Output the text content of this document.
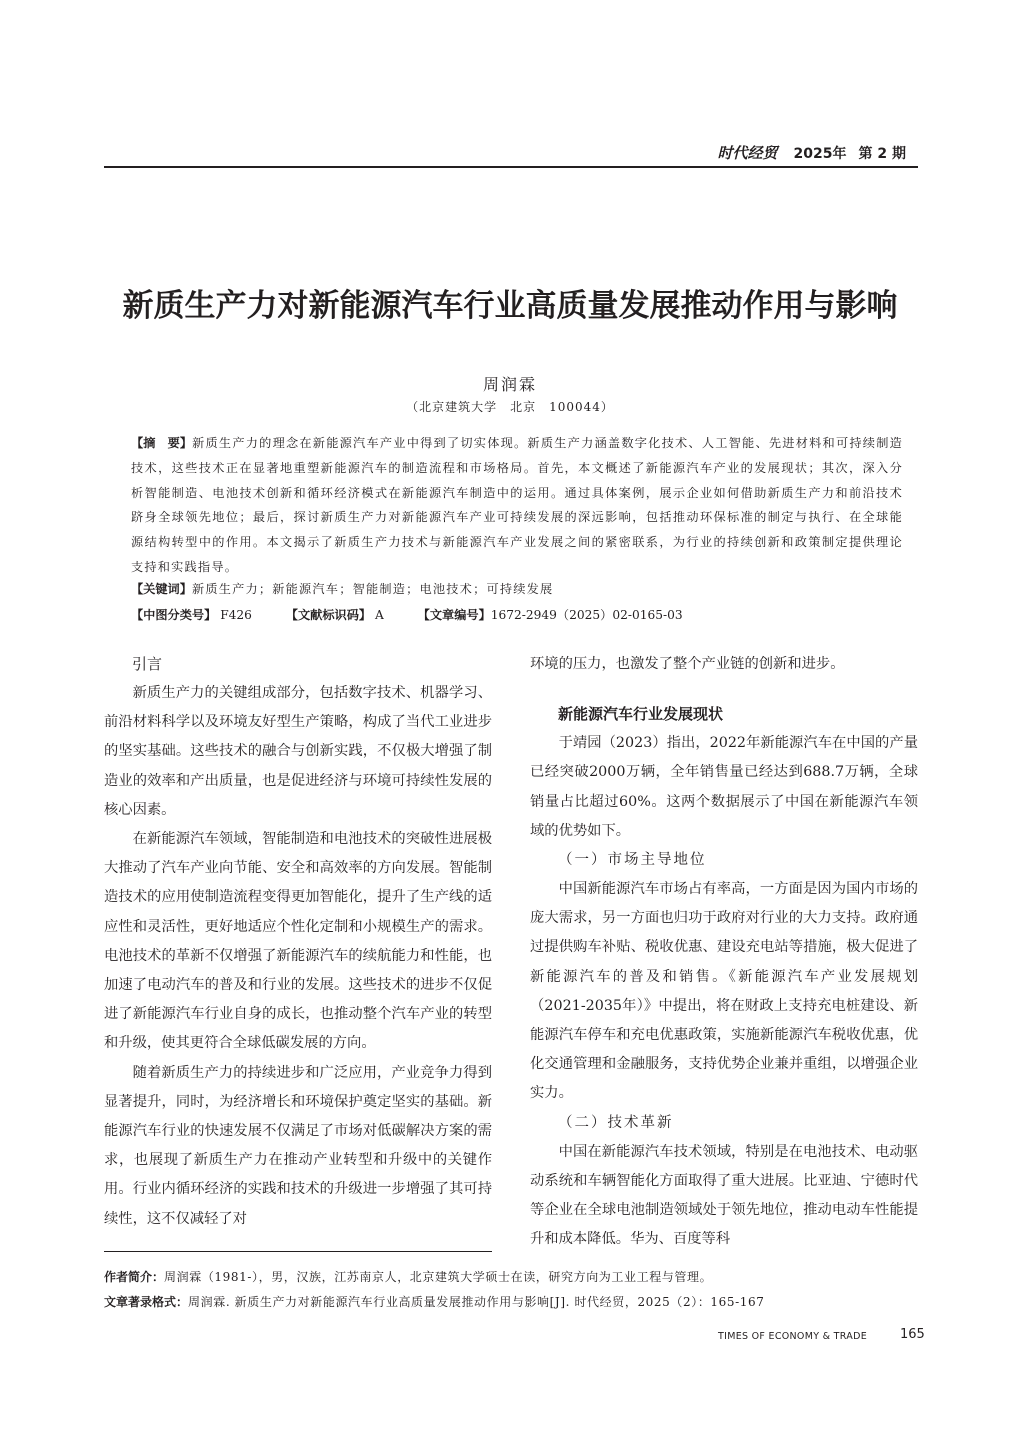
时代经贸 2025年 第 2 期
新质生产力对新能源汽车行业高质量发展推动作用与影响
周润霖
（北京建筑大学　北京　100044）
【摘　要】新质生产力的理念在新能源汽车产业中得到了切实体现。新质生产力涵盖数字化技术、人工智能、先进材料和可持续制造技术，这些技术正在显著地重塑新能源汽车的制造流程和市场格局。首先，本文概述了新能源汽车产业的发展现状；其次，深入分析智能制造、电池技术创新和循环经济模式在新能源汽车制造中的运用。通过具体案例，展示企业如何借助新质生产力和前沿技术跻身全球领先地位；最后，探讨新质生产力对新能源汽车产业可持续发展的深远影响，包括推动环保标准的制定与执行、在全球能源结构转型中的作用。本文揭示了新质生产力技术与新能源汽车产业发展之间的紧密联系，为行业的持续创新和政策制定提供理论支持和实践指导。
【关键词】新质生产力；新能源汽车；智能制造；电池技术；可持续发展
【中图分类号】 F426	【文献标识码】 A	【文章编号】1672-2949（2025）02-0165-03
引言

新质生产力的关键组成部分，包括数字技术、机器学习、前沿材料科学以及环境友好型生产策略，构成了当代工业进步的坚实基础。这些技术的融合与创新实践，不仅极大增强了制造业的效率和产出质量，也是促进经济与环境可持续性发展的核心因素。

在新能源汽车领域，智能制造和电池技术的突破性进展极大推动了汽车产业向节能、安全和高效率的方向发展。智能制造技术的应用使制造流程变得更加智能化，提升了生产线的适应性和灵活性，更好地适应个性化定制和小规模生产的需求。电池技术的革新不仅增强了新能源汽车的续航能力和性能，也加速了电动汽车的普及和行业的发展。这些技术的进步不仅促进了新能源汽车行业自身的成长，也推动整个汽车产业的转型和升级，使其更符合全球低碳发展的方向。

随着新质生产力的持续进步和广泛应用，产业竞争力得到显著提升，同时，为经济增长和环境保护奠定坚实的基础。新能源汽车行业的快速发展不仅满足了市场对低碳解决方案的需求，也展现了新质生产力在推动产业转型和升级中的关键作用。行业内循环经济的实践和技术的升级进一步增强了其可持续性，这不仅减轻了对

环境的压力，也激发了整个产业链的创新和进步。

新能源汽车行业发展现状

于靖园（2023）指出，2022年新能源汽车在中国的产量已经突破2000万辆，全年销售量已经达到688.7万辆，全球销量占比超过60%。这两个数据展示了中国在新能源汽车领域的优势如下。

（一）市场主导地位

中国新能源汽车市场占有率高，一方面是因为国内市场的庞大需求，另一方面也归功于政府对行业的大力支持。政府通过提供购车补贴、税收优惠、建设充电站等措施，极大促进了新能源汽车的普及和销售。《新能源汽车产业发展规划（2021-2035年）》中提出，将在财政上支持充电桩建设、新能源汽车停车和充电优惠政策，实施新能源汽车税收优惠，优化交通管理和金融服务，支持优势企业兼并重组，以增强企业实力。

（二）技术革新

中国在新能源汽车技术领域，特别是在电池技术、电动驱动系统和车辆智能化方面取得了重大进展。比亚迪、宁德时代等企业在全球电池制造领域处于领先地位，推动电动车性能提升和成本降低。华为、百度等科

作者简介：周润霖（1981-），男，汉族，江苏南京人，北京建筑大学硕士在读，研究方向为工业工程与管理。
文章著录格式：周润霖. 新质生产力对新能源汽车行业高质量发展推动作用与影响[J]. 时代经贸，2025（2）：165-167
TIMES OF ECONOMY & TRADE	165
